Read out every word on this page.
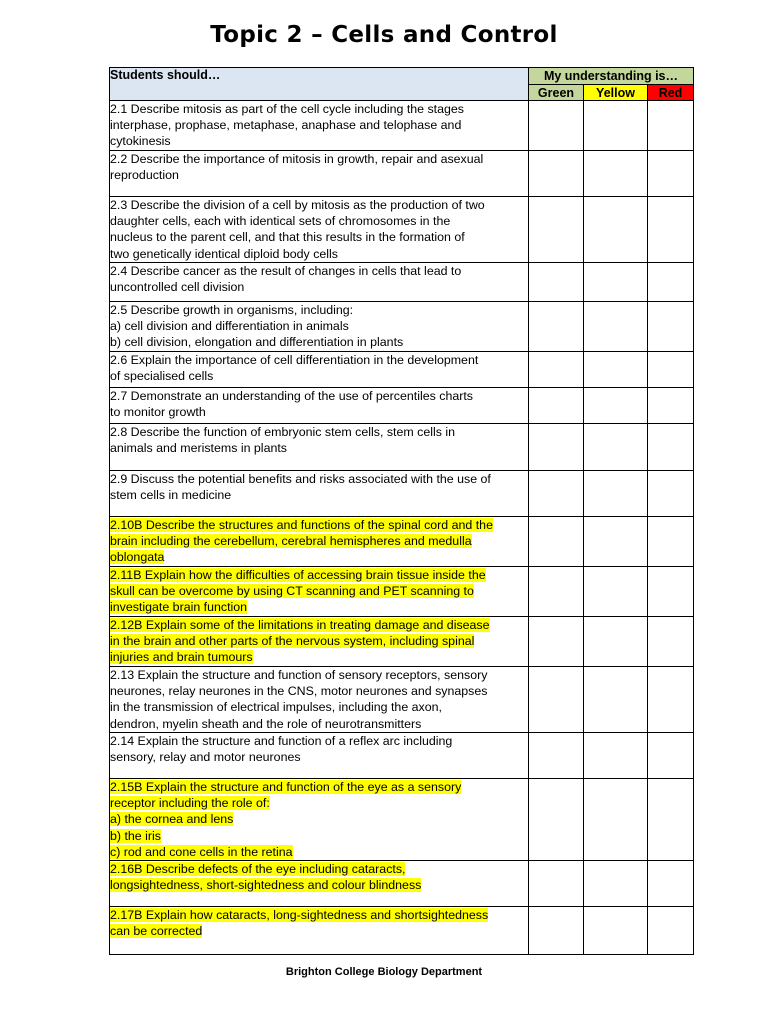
Topic 2 – Cells and Control
Students should…	My understanding is…		
	Green	Yellow	Red
2.1 Describe mitosis as part of the cell cycle including the stages
interphase, prophase, metaphase, anaphase and telophase and
cytokinesis			
2.2 Describe the importance of mitosis in growth, repair and asexual
reproduction			
2.3 Describe the division of a cell by mitosis as the production of two
daughter cells, each with identical sets of chromosomes in the
nucleus to the parent cell, and that this results in the formation of
two genetically identical diploid body cells			
2.4 Describe cancer as the result of changes in cells that lead to
uncontrolled cell division			
2.5 Describe growth in organisms, including:
a) cell division and differentiation in animals
b) cell division, elongation and differentiation in plants			
2.6 Explain the importance of cell differentiation in the development
of specialised cells			
2.7 Demonstrate an understanding of the use of percentiles charts
to monitor growth			
2.8 Describe the function of embryonic stem cells, stem cells in
animals and meristems in plants			
2.9 Discuss the potential benefits and risks associated with the use of
stem cells in medicine			
2.10B Describe the structures and functions of the spinal cord and the
brain including the cerebellum, cerebral hemispheres and medulla
oblongata			
2.11B Explain how the difficulties of accessing brain tissue inside the
skull can be overcome by using CT scanning and PET scanning to
investigate brain function			
2.12B Explain some of the limitations in treating damage and disease
in the brain and other parts of the nervous system, including spinal
injuries and brain tumours			
2.13 Explain the structure and function of sensory receptors, sensory
neurones, relay neurones in the CNS, motor neurones and synapses
in the transmission of electrical impulses, including the axon,
dendron, myelin sheath and the role of neurotransmitters			
2.14 Explain the structure and function of a reflex arc including
sensory, relay and motor neurones			
2.15B Explain the structure and function of the eye as a sensory
receptor including the role of:
a) the cornea and lens
b) the iris
c) rod and cone cells in the retina			
2.16B Describe defects of the eye including cataracts,
longsightedness, short-sightedness and colour blindness			
2.17B Explain how cataracts, long-sightedness and shortsightedness
can be corrected			
Brighton College Biology Department
